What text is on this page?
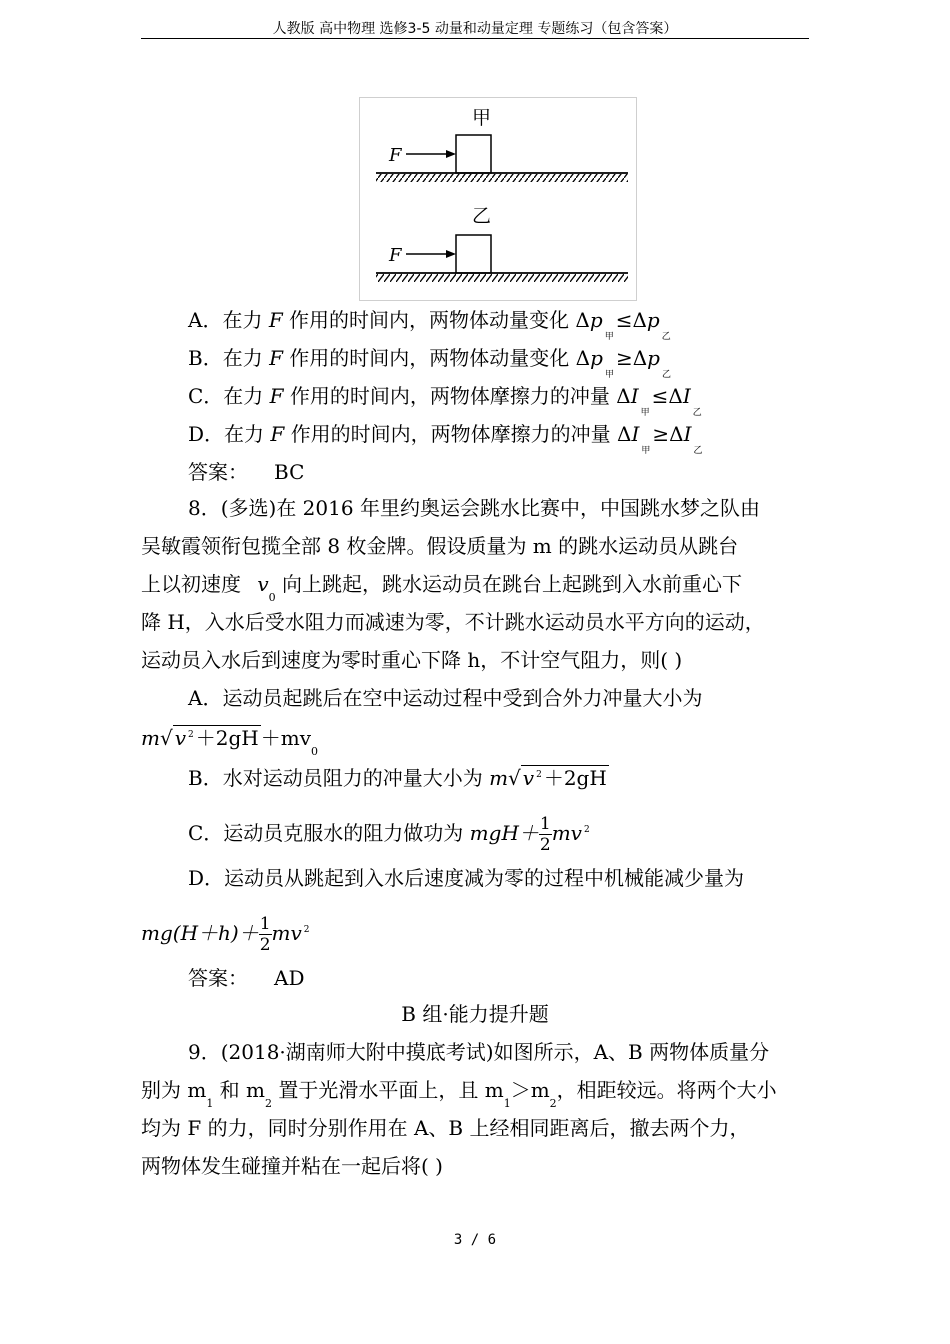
人教版 高中物理 选修3-5 动量和动量定理 专题练习（包含答案）
甲
F
乙
F
A．在力 F 作用的时间内，两物体动量变化 $\Delta p_甲\le\Delta p_乙$
B．在力 F 作用的时间内，两物体动量变化 $\Delta p_甲\ge\Delta p_乙$
C．在力 F 作用的时间内，两物体摩擦力的冲量 $\Delta I_甲\le\Delta I_乙$
D．在力 F 作用的时间内，两物体摩擦力的冲量 $\Delta I_甲\ge\Delta I_乙$
答案： BC
8．(多选)在 2016 年里约奥运会跳水比赛中，中国跳水梦之队由
吴敏霞领衔包揽全部 8 枚金牌。假设质量为 m 的跳水运动员从跳台
上以初速度 $v_0$ 向上跳起，跳水运动员在跳台上起跳到入水前重心下
降 H，入水后受水阻力而减速为零，不计跳水运动员水平方向的运动，
运动员入水后到速度为零时重心下降 h，不计空气阻力，则( )
A．运动员起跳后在空中运动过程中受到合外力冲量大小为
m√ v $^2 +2gH +mv_0$
B．水对运动员阻力的冲量大小为 m√ v $^2$ ＋2gH
C．运动员克服水的阻力做功为 $mgH+ \frac{1}{2}$ mv $^2$
D．运动员从跳起到入水后速度减为零的过程中机械能减少量为
$mg(H+h)+ \frac{1}{2}$ mv $^2$
答案： AD
B 组·能力提升题
9．(2018·湖南师大附中摸底考试)如图所示，A、B 两物体质量分
别为 $m_1$ 和 $m_2$ 置于光滑水平面上，且 $m_1>m_2$，相距较远。将两个大小
均为 F 的力，同时分别作用在 A、B 上经相同距离后，撤去两个力，
两物体发生碰撞并粘在一起后将( )
3 / 6
